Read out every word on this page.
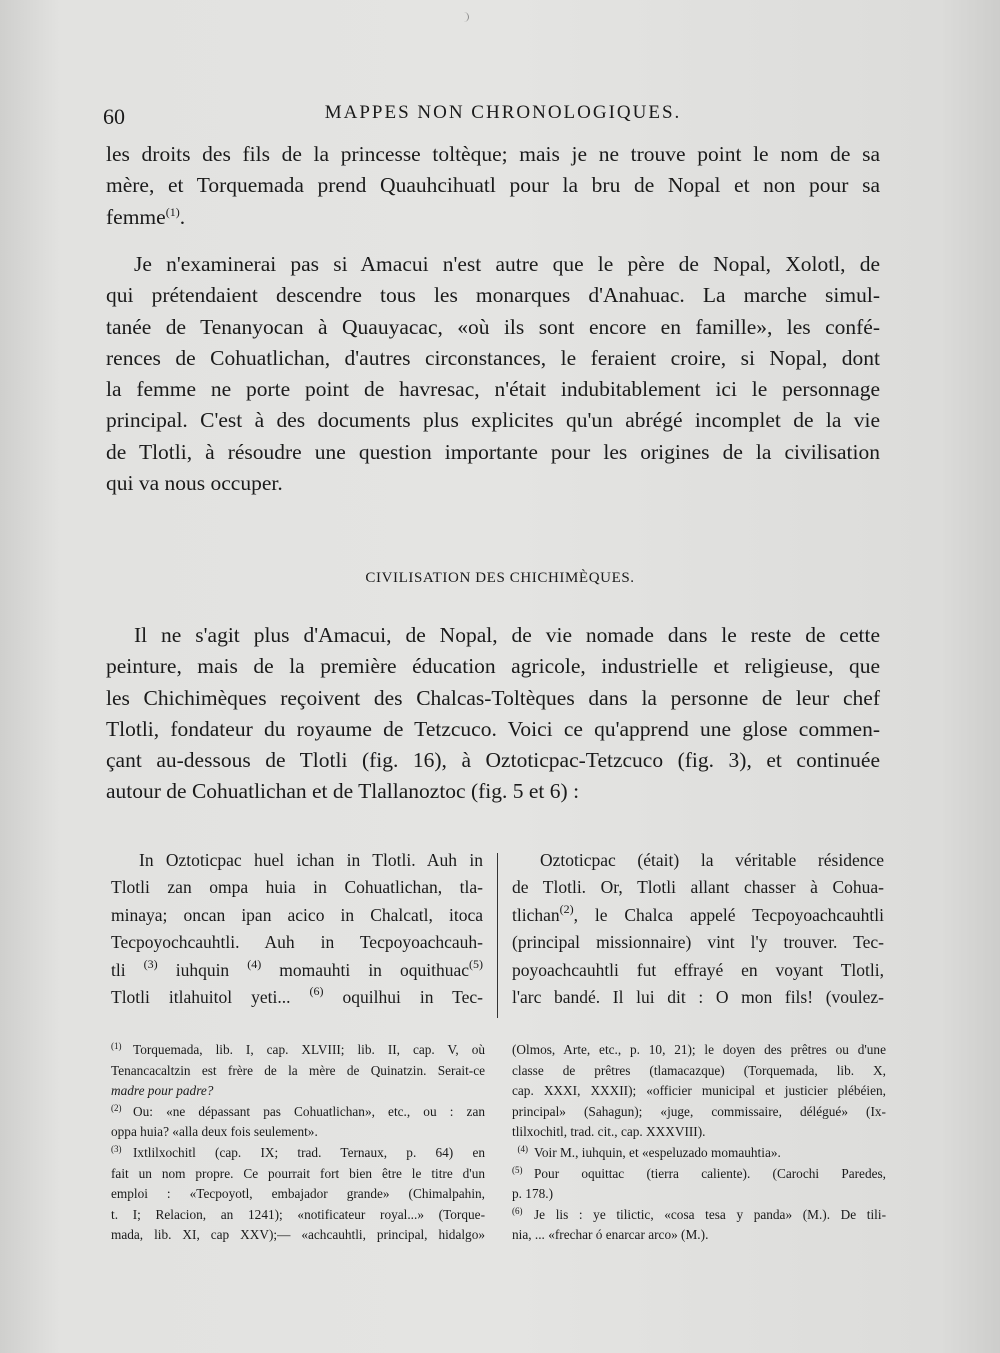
60	MAPPES NON CHRONOLOGIQUES.
les droits des fils de la princesse toltèque; mais je ne trouve point le nom de sa
mère, et Torquemada prend Quauhcihuatl pour la bru de Nopal et non pour sa
femme$^{(1)}$.
Je n'examinerai pas si Amacui n'est autre que le père de Nopal, Xolotl, de
qui prétendaient descendre tous les monarques d'Anahuac. La marche simul-
tanée de Tenanyocan à Quauyacac, «où ils sont encore en famille», les confé-
rences de Cohuatlichan, d'autres circonstances, le feraient croire, si Nopal, dont
la femme ne porte point de havresac, n'était indubitablement ici le personnage
principal. C'est à des documents plus explicites qu'un abrégé incomplet de la vie
de Tlotli, à résoudre une question importante pour les origines de la civilisation
qui va nous occuper.
CIVILISATION DES CHICHIMÈQUES.
Il ne s'agit plus d'Amacui, de Nopal, de vie nomade dans le reste de cette
peinture, mais de la première éducation agricole, industrielle et religieuse, que
les Chichimèques reçoivent des Chalcas-Toltèques dans la personne de leur chef
Tlotli, fondateur du royaume de Tetzcuco. Voici ce qu'apprend une glose commen-
çant au-dessous de Tlotli (fig. 16), à Oztoticpac-Tetzcuco (fig. 3), et continuée
autour de Cohuatlichan et de Tlallanoztoc (fig. 5 et 6) :
In Oztoticpac huel ichan in Tlotli. Auh in
Tlotli zan ompa huia in Cohuatlichan, tla-
minaya; oncan ipan acico in Chalcatl, itoca
Tecpoyochcauhtli. Auh in Tecpoyoachcauh-
tli $^{(3)}$ iuhquin $^{(4)}$ momauhti in oquithuac$^{(5)}$
Tlotli itlahuitol yeti... $^{(6)}$ oquilhui in Tec-
Oztoticpac (était) la véritable résidence
de Tlotli. Or, Tlotli allant chasser à Cohua-
tlichan$^{(2)}$, le Chalca appelé Tecpoyoachcauhtli
(principal missionnaire) vint l'y trouver. Tec-
poyoachcauhtli fut effrayé en voyant Tlotli,
l'arc bandé. Il lui dit : O mon fils! (voulez-
$^{(1)}$ Torquemada, lib. I, cap. XLVIII; lib. II, cap. V, où
Tenancacaltzin est frère de la mère de Quinatzin. Serait-ce
madre pour padre?
$^{(2)}$ Ou: «ne dépassant pas Cohuatlichan», etc., ou : zan
oppa huia? «alla deux fois seulement».
$^{(3)}$ Ixtlilxochitl (cap. IX; trad. Ternaux, p. 64) en
fait un nom propre. Ce pourrait fort bien être le titre d'un
emploi : «Tecpoyotl, embajador grande» (Chimalpahin,
t. I; Relacion, an 1241); «notificateur royal...» (Torque-
mada, lib. XI, cap XXV);— «achcauhtli, principal, hidalgo»
(Olmos, Arte, etc., p. 10, 21); le doyen des prêtres ou d'une
classe de prêtres (tlamacazque) (Torquemada, lib. X,
cap. XXXI, XXXII); «officier municipal et justicier plébéien,
principal» (Sahagun); «juge, commissaire, délégué» (Ix-
tlilxochitl, trad. cit., cap. XXXVIII).
$^{(4)}$ Voir M., iuhquin, et «espeluzado momauhtia».
$^{(5)}$ Pour oquittac (tierra caliente). (Carochi Paredes,
p. 178.)
$^{(6)}$ Je lis : ye tilictic, «cosa tesa y panda» (M.). De tili-
nia, ... «frechar ó enarcar arco» (M.).
